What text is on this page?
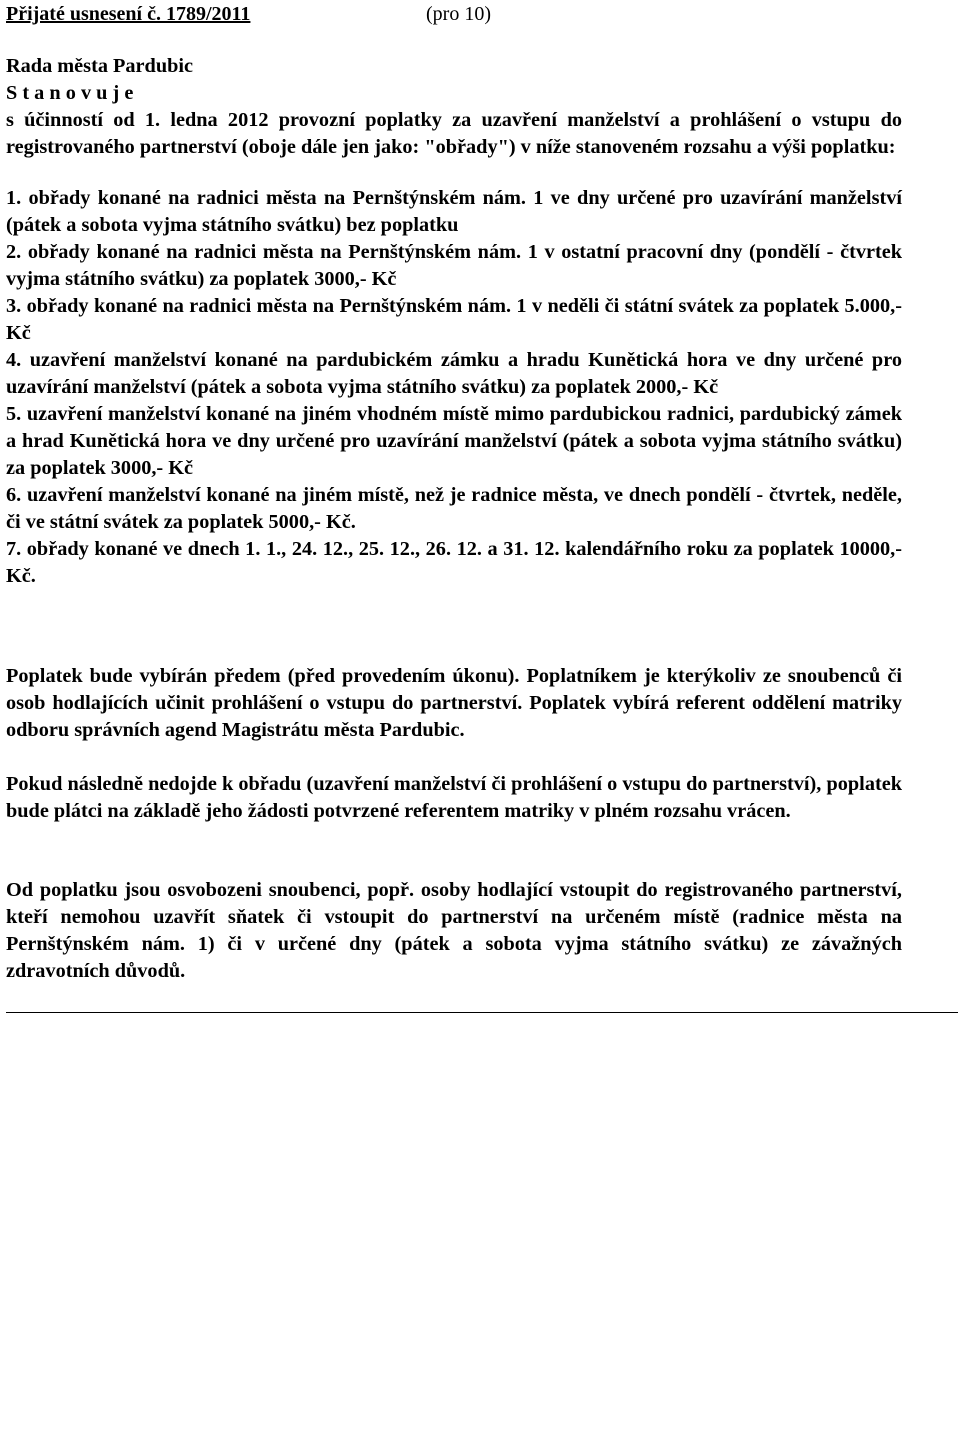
Přijaté usnesení č. 1789/2011	(pro 10)

Rada města Pardubic

S t a n o v u j e

s účinností od 1. ledna 2012 provozní poplatky za uzavření manželství a prohlášení o vstupu do registrovaného partnerství (oboje dále jen jako: "obřady") v níže stanoveném rozsahu a výši poplatku:

1. obřady konané na radnici města na Pernštýnském nám. 1 ve dny určené pro uzavírání manželství (pátek a sobota vyjma státního svátku) bez poplatku

2. obřady konané na radnici města na Pernštýnském nám. 1 v ostatní pracovní dny (pondělí - čtvrtek vyjma státního svátku) za poplatek 3000,- Kč

3. obřady konané na radnici města na Pernštýnském nám. 1 v neděli či státní svátek za poplatek 5.000,- Kč

4. uzavření manželství konané na pardubickém zámku a hradu Kunětická hora ve dny určené pro uzavírání manželství (pátek a sobota vyjma státního svátku) za poplatek 2000,- Kč

5. uzavření manželství konané na jiném vhodném místě mimo pardubickou radnici, pardubický zámek a hrad Kunětická hora ve dny určené pro uzavírání manželství (pátek a sobota vyjma státního svátku) za poplatek 3000,- Kč

6. uzavření manželství konané na jiném místě, než je radnice města, ve dnech pondělí - čtvrtek, neděle, či ve státní svátek za poplatek 5000,- Kč.

7. obřady konané ve dnech 1. 1., 24. 12., 25. 12., 26. 12. a 31. 12. kalendářního roku za poplatek 10000,- Kč.

Poplatek bude vybírán předem (před provedením úkonu). Poplatníkem je kterýkoliv ze snoubenců či osob hodlajících učinit prohlášení o vstupu do partnerství. Poplatek vybírá referent oddělení matriky odboru správních agend Magistrátu města Pardubic.

Pokud následně nedojde k obřadu (uzavření manželství či prohlášení o vstupu do partnerství), poplatek bude plátci na základě jeho žádosti potvrzené referentem matriky v plném rozsahu vrácen.

Od poplatku jsou osvobozeni snoubenci, popř. osoby hodlající vstoupit do registrovaného partnerství, kteří nemohou uzavřít sňatek či vstoupit do partnerství na určeném místě (radnice města na Pernštýnském nám. 1) či v určené dny (pátek a sobota vyjma státního svátku) ze závažných zdravotních důvodů.
